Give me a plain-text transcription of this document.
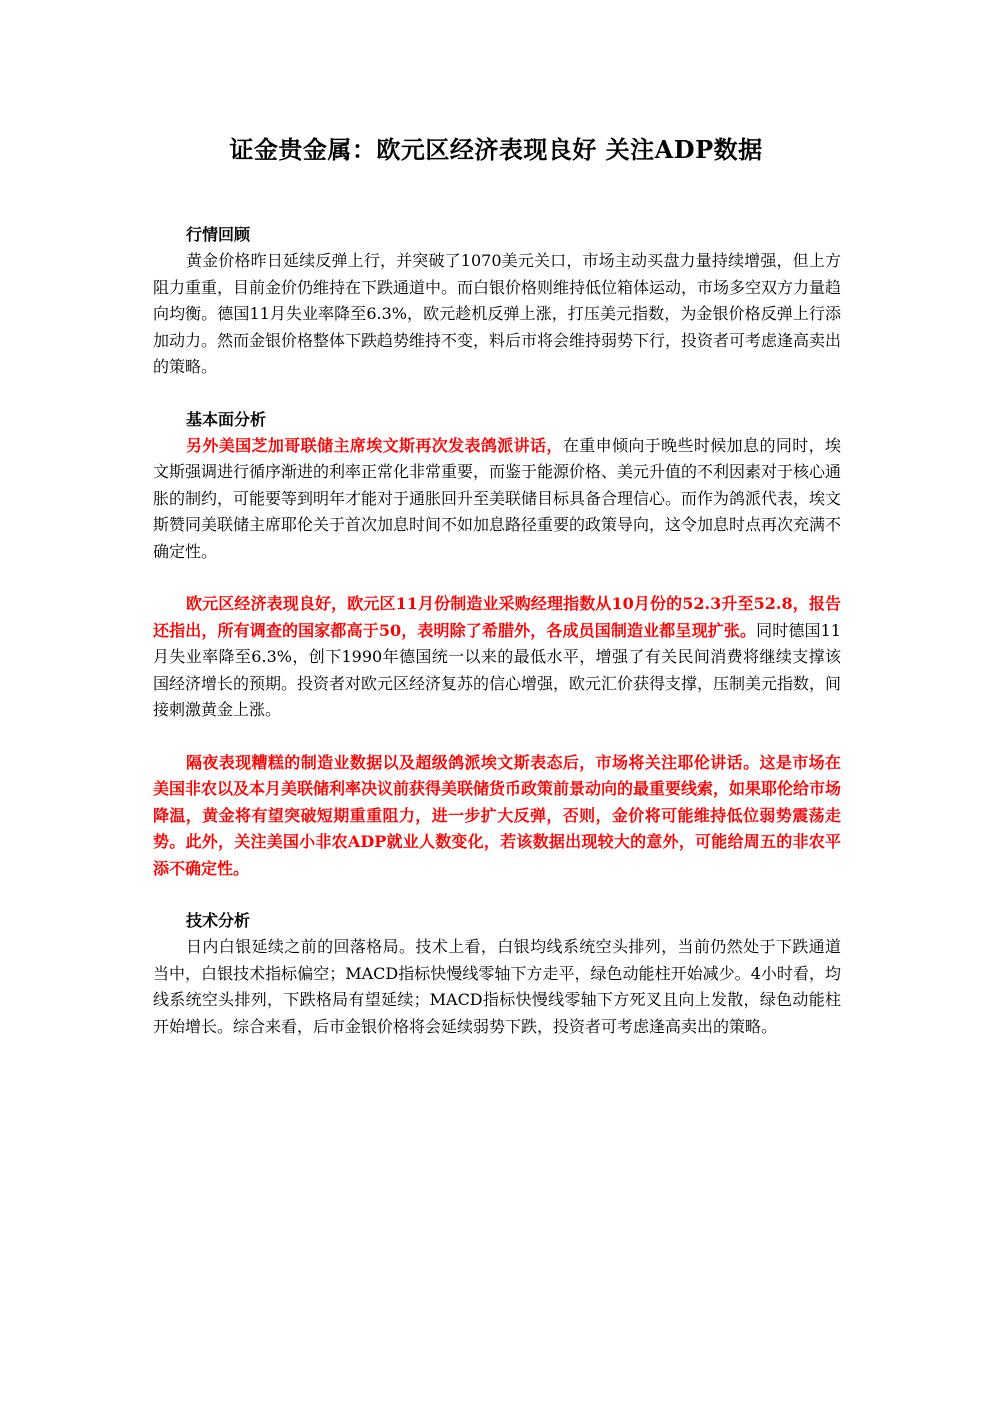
证金贵金属：欧元区经济表现良好 关注ADP数据

行情回顾

黄金价格昨日延续反弹上行，并突破了1070美元关口，市场主动买盘力量持续增强，但上方阻力重重，目前金价仍维持在下跌通道中。而白银价格则维持低位箱体运动，市场多空双方力量趋向均衡。德国11月失业率降至6.3%，欧元趁机反弹上涨，打压美元指数，为金银价格反弹上行添加动力。然而金银价格整体下跌趋势维持不变，料后市将会维持弱势下行，投资者可考虑逢高卖出的策略。

基本面分析

另外美国芝加哥联储主席埃文斯再次发表鸽派讲话，在重申倾向于晚些时候加息的同时，埃文斯强调进行循序渐进的利率正常化非常重要，而鉴于能源价格、美元升值的不利因素对于核心通胀的制约，可能要等到明年才能对于通胀回升至美联储目标具备合理信心。而作为鸽派代表，埃文斯赞同美联储主席耶伦关于首次加息时间不如加息路径重要的政策导向，这令加息时点再次充满不确定性。

欧元区经济表现良好，欧元区11月份制造业采购经理指数从10月份的52.3升至52.8，报告还指出，所有调查的国家都高于50，表明除了希腊外，各成员国制造业都呈现扩张。同时德国11月失业率降至6.3%，创下1990年德国统一以来的最低水平，增强了有关民间消费将继续支撑该国经济增长的预期。投资者对欧元区经济复苏的信心增强，欧元汇价获得支撑，压制美元指数，间接刺激黄金上涨。

隔夜表现糟糕的制造业数据以及超级鸽派埃文斯表态后，市场将关注耶伦讲话。这是市场在美国非农以及本月美联储利率决议前获得美联储货币政策前景动向的最重要线索，如果耶伦给市场降温，黄金将有望突破短期重重阻力，进一步扩大反弹，否则，金价将可能维持低位弱势震荡走势。此外，关注美国小非农ADP就业人数变化，若该数据出现较大的意外，可能给周五的非农平添不确定性。

技术分析

日内白银延续之前的回落格局。技术上看，白银均线系统空头排列，当前仍然处于下跌通道当中，白银技术指标偏空；MACD指标快慢线零轴下方走平，绿色动能柱开始减少。4小时看，均线系统空头排列，下跌格局有望延续；MACD指标快慢线零轴下方死叉且向上发散，绿色动能柱开始增长。综合来看，后市金银价格将会延续弱势下跌，投资者可考虑逢高卖出的策略。
